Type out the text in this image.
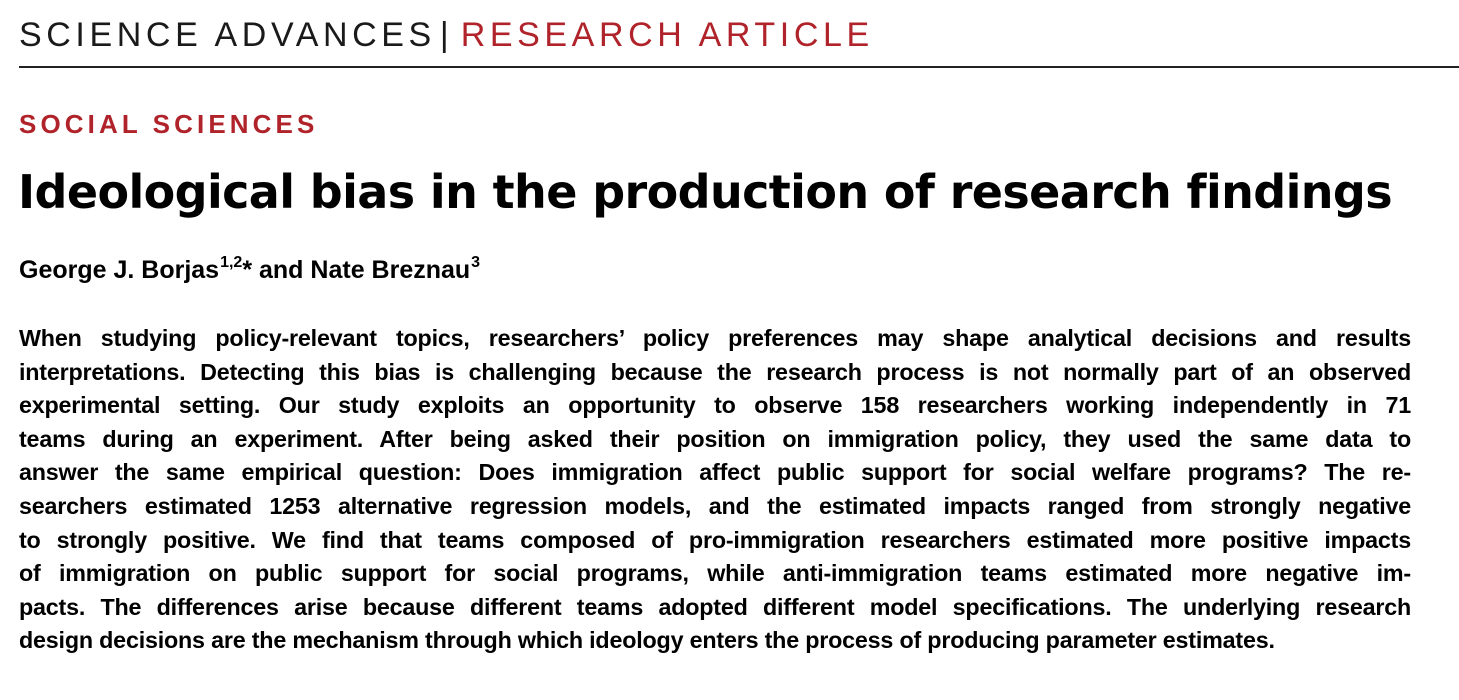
SCIENCE ADVANCES | RESEARCH ARTICLE
SOCIAL SCIENCES
Ideological bias in the production of research findings
George J. Borjas$^{1,2}$* and Nate Breznau$^3$
When studying policy-relevant topics, researchers’ policy preferences may shape analytical decisions and results
interpretations. Detecting this bias is challenging because the research process is not normally part of an observed
experimental setting. Our study exploits an opportunity to observe 158 researchers working independently in 71
teams during an experiment. After being asked their position on immigration policy, they used the same data to
answer the same empirical question: Does immigration affect public support for social welfare programs? The re-
searchers estimated 1253 alternative regression models, and the estimated impacts ranged from strongly negative
to strongly positive. We find that teams composed of pro-immigration researchers estimated more positive impacts
of immigration on public support for social programs, while anti-immigration teams estimated more negative im-
pacts. The differences arise because different teams adopted different model specifications. The underlying research
design decisions are the mechanism through which ideology enters the process of producing parameter estimates.
